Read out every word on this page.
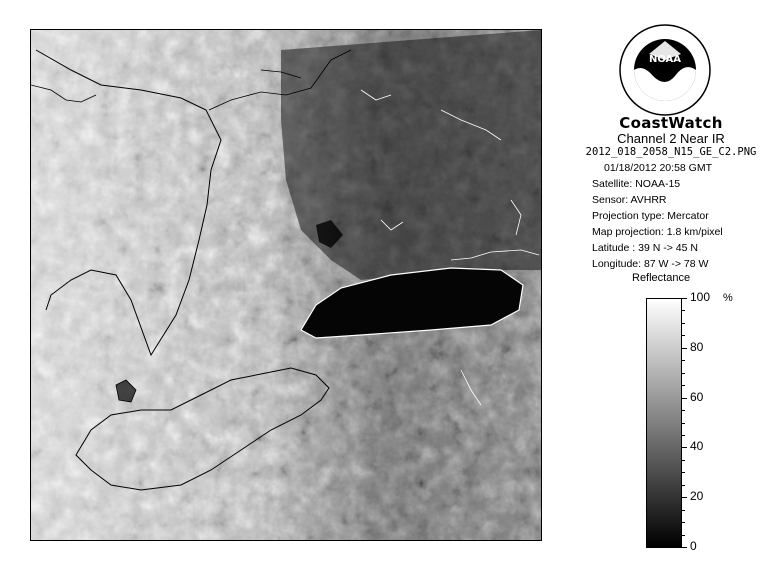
NOAA
CoastWatch
Channel 2 Near IR
2012_018_2058_N15_GE_C2.PNG
01/18/2012 20:58 GMT
Satellite: NOAA-15
Sensor: AVHRR
Projection type: Mercator
Map projection: 1.8 km/pixel
Latitude : 39 N -> 45 N
Longitude: 87 W -> 78 W
Reflectance
%
100
80
60
40
20
0
